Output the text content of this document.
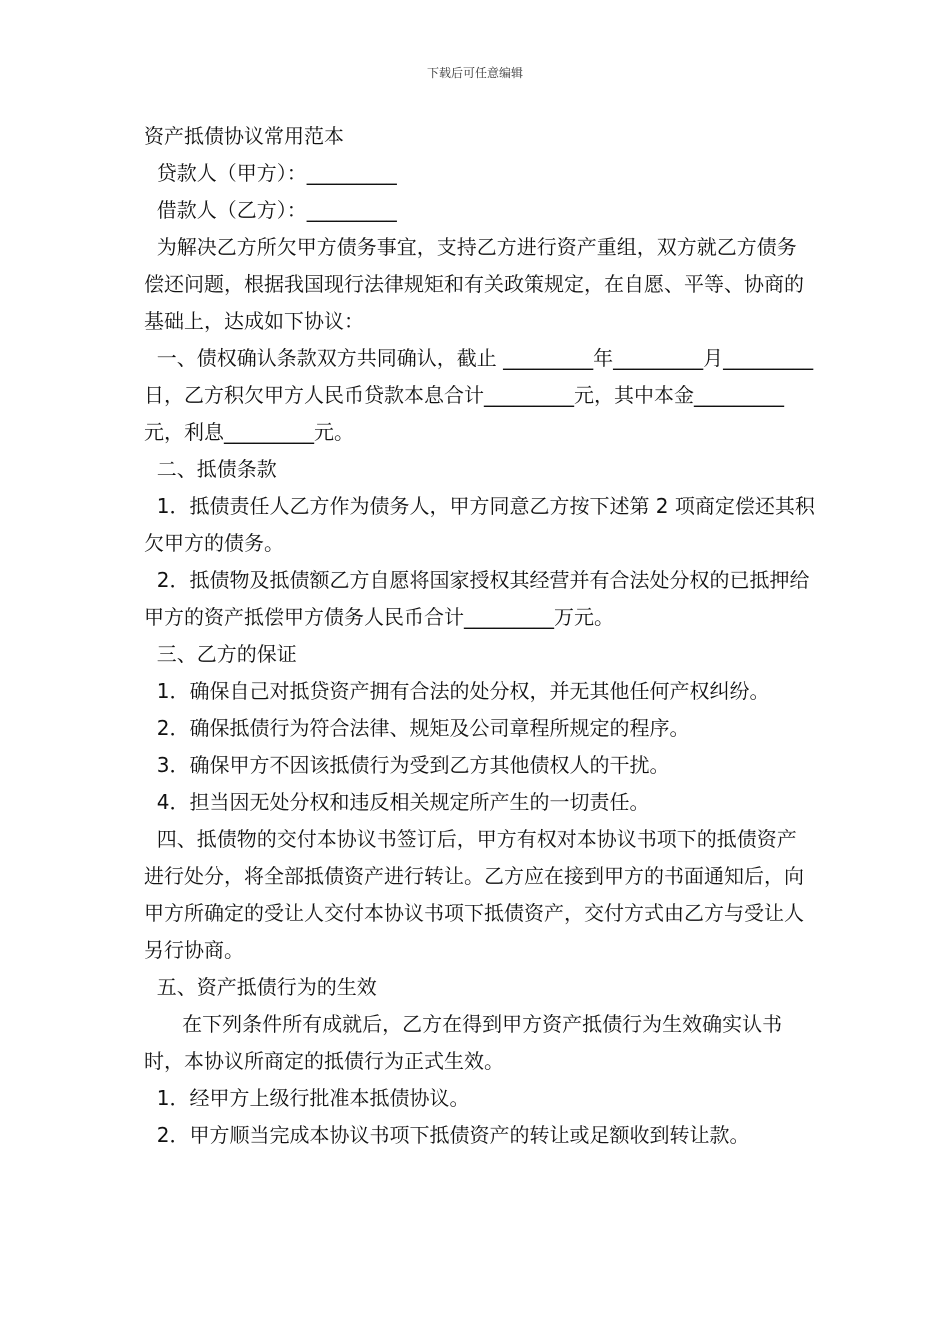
下载后可任意编辑

资产抵债协议常用范本

贷款人（甲方）：_________

借款人（乙方）：_________

为解决乙方所欠甲方债务事宜，支持乙方进行资产重组，双方就乙方债务偿还问题，根据我国现行法律规矩和有关政策规定，在自愿、平等、协商的基础上，达成如下协议：

一、债权确认条款双方共同确认，截止 _________年_________月_________日，乙方积欠甲方人民币贷款本息合计_________元，其中本金_________元，利息_________元。

二、抵债条款

1．抵债责任人乙方作为债务人，甲方同意乙方按下述第 2 项商定偿还其积欠甲方的债务。

2．抵债物及抵债额乙方自愿将国家授权其经营并有合法处分权的已抵押给甲方的资产抵偿甲方债务人民币合计_________万元。

三、乙方的保证

1．确保自己对抵贷资产拥有合法的处分权，并无其他任何产权纠纷。

2．确保抵债行为符合法律、规矩及公司章程所规定的程序。

3．确保甲方不因该抵债行为受到乙方其他债权人的干扰。

4．担当因无处分权和违反相关规定所产生的一切责任。

四、抵债物的交付本协议书签订后，甲方有权对本协议书项下的抵债资产进行处分，将全部抵债资产进行转让。乙方应在接到甲方的书面通知后，向甲方所确定的受让人交付本协议书项下抵债资产，交付方式由乙方与受让人另行协商。

五、资产抵债行为的生效

在下列条件所有成就后，乙方在得到甲方资产抵债行为生效确实认书时，本协议所商定的抵债行为正式生效。

1．经甲方上级行批准本抵债协议。

2．甲方顺当完成本协议书项下抵债资产的转让或足额收到转让款。
